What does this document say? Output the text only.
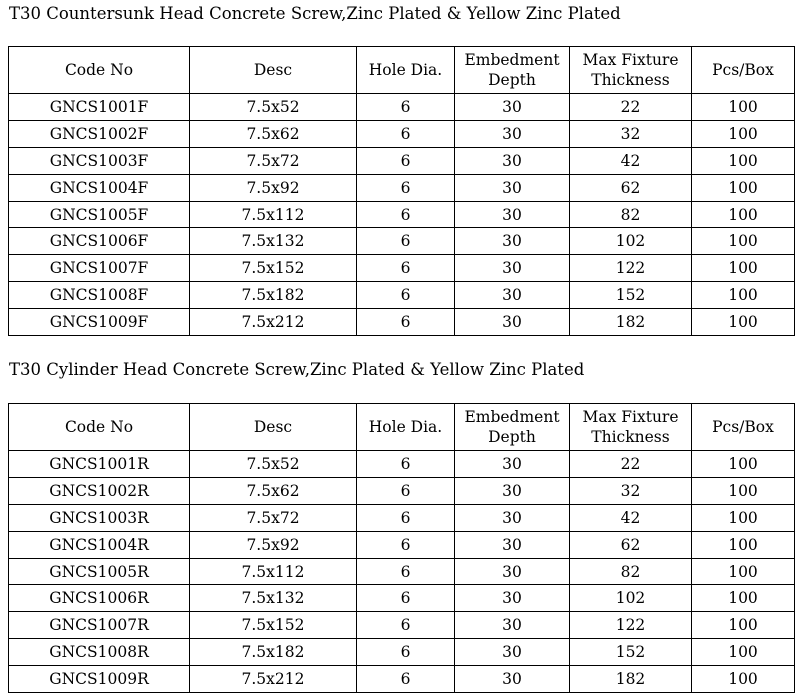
T30 Countersunk Head Concrete Screw,Zinc Plated & Yellow Zinc Plated
Code No	Desc	Hole Dia.	Embedment Depth	Max Fixture Thickness	Pcs/Box
GNCS1001F	7.5x52	6	30	22	100
GNCS1002F	7.5x62	6	30	32	100
GNCS1003F	7.5x72	6	30	42	100
GNCS1004F	7.5x92	6	30	62	100
GNCS1005F	7.5x112	6	30	82	100
GNCS1006F	7.5x132	6	30	102	100
GNCS1007F	7.5x152	6	30	122	100
GNCS1008F	7.5x182	6	30	152	100
GNCS1009F	7.5x212	6	30	182	100
T30 Cylinder Head Concrete Screw,Zinc Plated & Yellow Zinc Plated
Code No	Desc	Hole Dia.	Embedment Depth	Max Fixture Thickness	Pcs/Box
GNCS1001R	7.5x52	6	30	22	100
GNCS1002R	7.5x62	6	30	32	100
GNCS1003R	7.5x72	6	30	42	100
GNCS1004R	7.5x92	6	30	62	100
GNCS1005R	7.5x112	6	30	82	100
GNCS1006R	7.5x132	6	30	102	100
GNCS1007R	7.5x152	6	30	122	100
GNCS1008R	7.5x182	6	30	152	100
GNCS1009R	7.5x212	6	30	182	100
